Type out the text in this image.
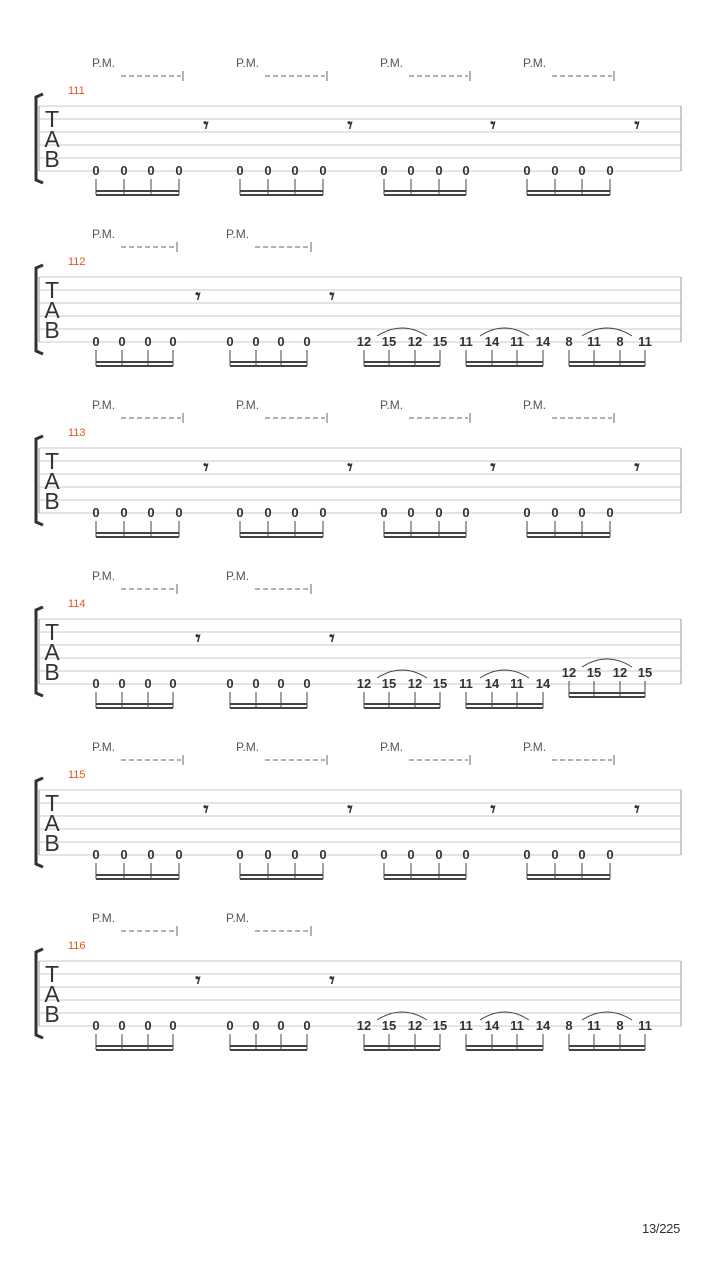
T
A
B
111
P.M.	P.M.	P.M.	P.M.
𝄾	𝄾	𝄾	𝄾
0 0 0 0	0 0 0 0	0 0 0 0	0 0 0 0
T
A
B
112
P.M.	P.M.
𝄾	𝄾
0 0 0 0	0 0 0 0	12 15 12 15 11 14 11 14 8 11 8 11
T
A
B
113
P.M.	P.M.	P.M.	P.M.
𝄾	𝄾	𝄾	𝄾
0 0 0 0	0 0 0 0	0 0 0 0	0 0 0 0
T
A
B
114
P.M.	P.M.
𝄾	𝄾
0 0 0 0	0 0 0 0	12 15 12 15 11 14 11 14
12 15 12 15
T
A
B
115
P.M.	P.M.	P.M.	P.M.
𝄾	𝄾	𝄾	𝄾
0 0 0 0	0 0 0 0	0 0 0 0	0 0 0 0
T
A
B
116
P.M.	P.M.
𝄾	𝄾
0 0 0 0	0 0 0 0	12 15 12 15 11 14 11 14 8 11 8 11
13/225
